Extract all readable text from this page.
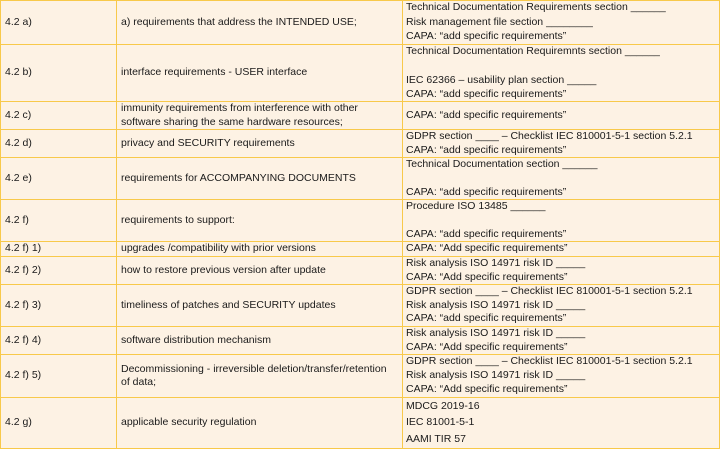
4.2 a)	a) requirements that address the INTENDED USE;	Technical Documentation Requirements section ______
Risk management file section ________
CAPA: “add specific requirements”

4.2 b)	interface requirements - USER interface	Technical Documentation Requiremnts section ______
IEC 62366 – usability plan section _____
CAPA: “add specific requirements”

4.2 c)	immunity requirements from interference with other software sharing the same hardware resources;	CAPA: “add specific requirements”

4.2 d)	privacy and SECURITY requirements	GDPR section ____ – Checklist IEC 810001-5-1 section 5.2.1
CAPA: “add specific requirements”

4.2 e)	requirements for ACCOMPANYING DOCUMENTS	Technical Documentation section ______
CAPA: “add specific requirements”

4.2 f)	requirements to support:	Procedure ISO 13485 ______
CAPA: “add specific requirements”

4.2 f) 1)	upgrades /compatibility with prior versions	CAPA: “Add specific requirements”

4.2 f) 2)	how to restore previous version after update	Risk analysis ISO 14971 risk ID _____
CAPA: “Add specific requirements”

4.2 f) 3)	timeliness of patches and SECURITY updates	GDPR section ____ – Checklist IEC 810001-5-1 section 5.2.1
Risk analysis ISO 14971 risk ID _____
CAPA: “add specific requirements”

4.2 f) 4)	software distribution mechanism	Risk analysis ISO 14971 risk ID _____
CAPA: “Add specific requirements”

4.2 f) 5)	Decommissioning - irreversible deletion/transfer/retention of data;	GDPR section ____ – Checklist IEC 810001-5-1 section 5.2.1
Risk analysis ISO 14971 risk ID _____
CAPA: “Add specific requirements”

4.2 g)	applicable security regulation	MDCG 2019-16
IEC 81001-5-1
AAMI TIR 57
